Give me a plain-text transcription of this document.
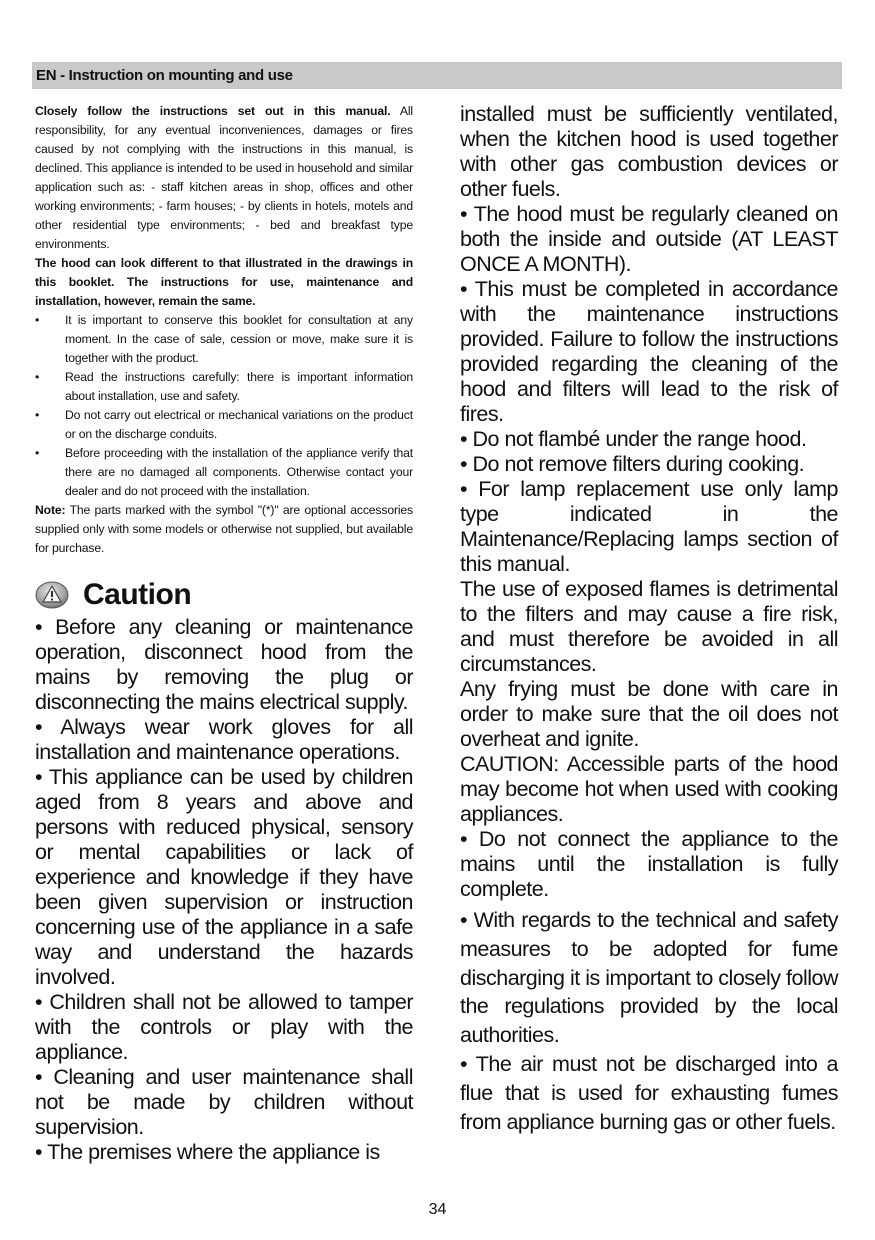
EN - Instruction on mounting and use

Closely follow the instructions set out in this manual. All responsibility, for any eventual inconveniences, damages or fires caused by not complying with the instructions in this manual, is declined. This appliance is intended to be used in household and similar application such as: - staff kitchen areas in shop, offices and other working environments; - farm houses; - by clients in hotels, motels and other residential type environments; - bed and breakfast type environments.

The hood can look different to that illustrated in the drawings in this booklet. The instructions for use, maintenance and installation, however, remain the same.

• It is important to conserve this booklet for consultation at any moment. In the case of sale, cession or move, make sure it is together with the product.
• Read the instructions carefully: there is important information about installation, use and safety.
• Do not carry out electrical or mechanical variations on the product or on the discharge conduits.
• Before proceeding with the installation of the appliance verify that there are no damaged all components. Otherwise contact your dealer and do not proceed with the installation.

Note: The parts marked with the symbol "(*)" are optional accessories supplied only with some models or otherwise not supplied, but available for purchase.

Caution

• Before any cleaning or maintenance operation, disconnect hood from the mains by removing the plug or disconnecting the mains electrical supply.

• Always wear work gloves for all installation and maintenance operations.

• This appliance can be used by children aged from 8 years and above and persons with reduced physical, sensory or mental capabilities or lack of experience and knowledge if they have been given supervision or instruction concerning use of the appliance in a safe way and understand the hazards involved.

• Children shall not be allowed to tamper with the controls or play with the appliance.

• Cleaning and user maintenance shall not be made by children without supervision.

• The premises where the appliance is

installed must be sufficiently ventilated, when the kitchen hood is used together with other gas combustion devices or other fuels.

• The hood must be regularly cleaned on both the inside and outside (AT LEAST ONCE A MONTH).

• This must be completed in accordance with the maintenance instructions provided. Failure to follow the instructions provided regarding the cleaning of the hood and filters will lead to the risk of fires.

• Do not flambé under the range hood.

• Do not remove filters during cooking.

• For lamp replacement use only lamp type indicated in the Maintenance/Replacing lamps section of this manual.

The use of exposed flames is detrimental to the filters and may cause a fire risk, and must therefore be avoided in all circumstances.

Any frying must be done with care in order to make sure that the oil does not overheat and ignite.

CAUTION: Accessible parts of the hood may become hot when used with cooking appliances.

• Do not connect the appliance to the mains until the installation is fully complete.

• With regards to the technical and safety measures to be adopted for fume discharging it is important to closely follow the regulations provided by the local authorities.

• The air must not be discharged into a flue that is used for exhausting fumes from appliance burning gas or other fuels.

34
